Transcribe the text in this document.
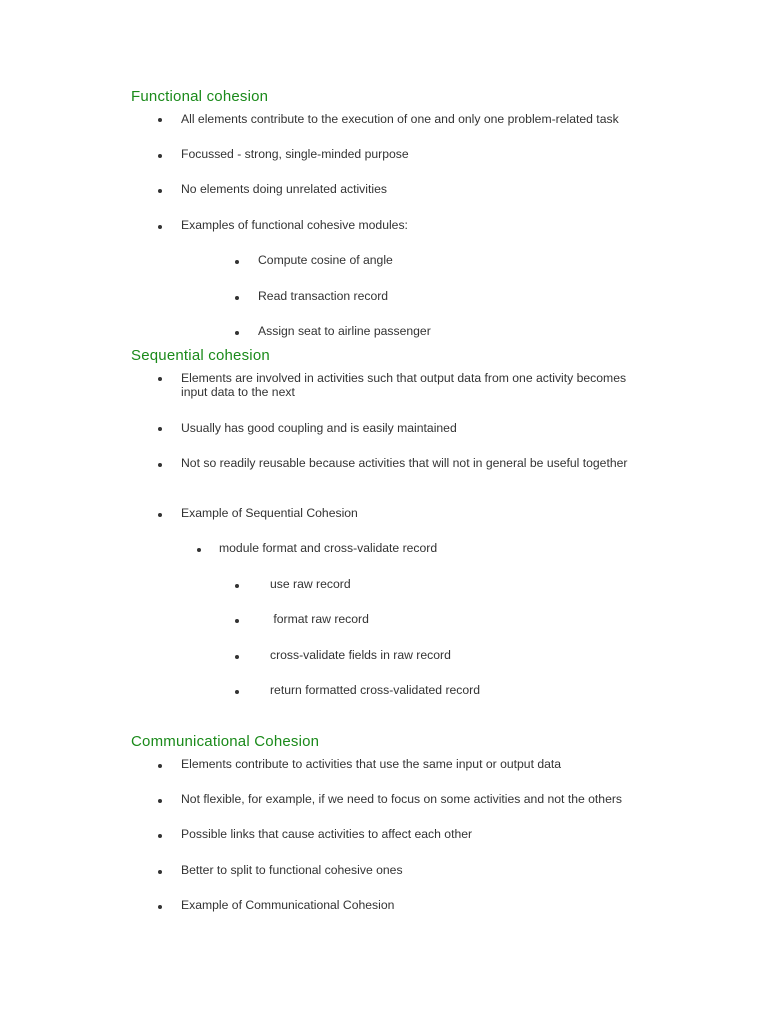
Functional cohesion
All elements contribute to the execution of one and only one problem-related task
Focussed - strong, single-minded purpose
No elements doing unrelated activities
Examples of functional cohesive modules:
Compute cosine of angle
Read transaction record
Assign seat to airline passenger
Sequential cohesion
Elements are involved in activities such that output data from one activity becomes input data to the next
Usually has good coupling and is easily maintained
Not so readily reusable because activities that will not in general be useful together
Example of Sequential Cohesion
module format and cross-validate record
use raw record
format raw record
cross-validate fields in raw record
return formatted cross-validated record
Communicational Cohesion
Elements contribute to activities that use the same input or output data
Not flexible, for example, if we need to focus on some activities and not the others
Possible links that cause activities to affect each other
Better to split to functional cohesive ones
Example of Communicational Cohesion
